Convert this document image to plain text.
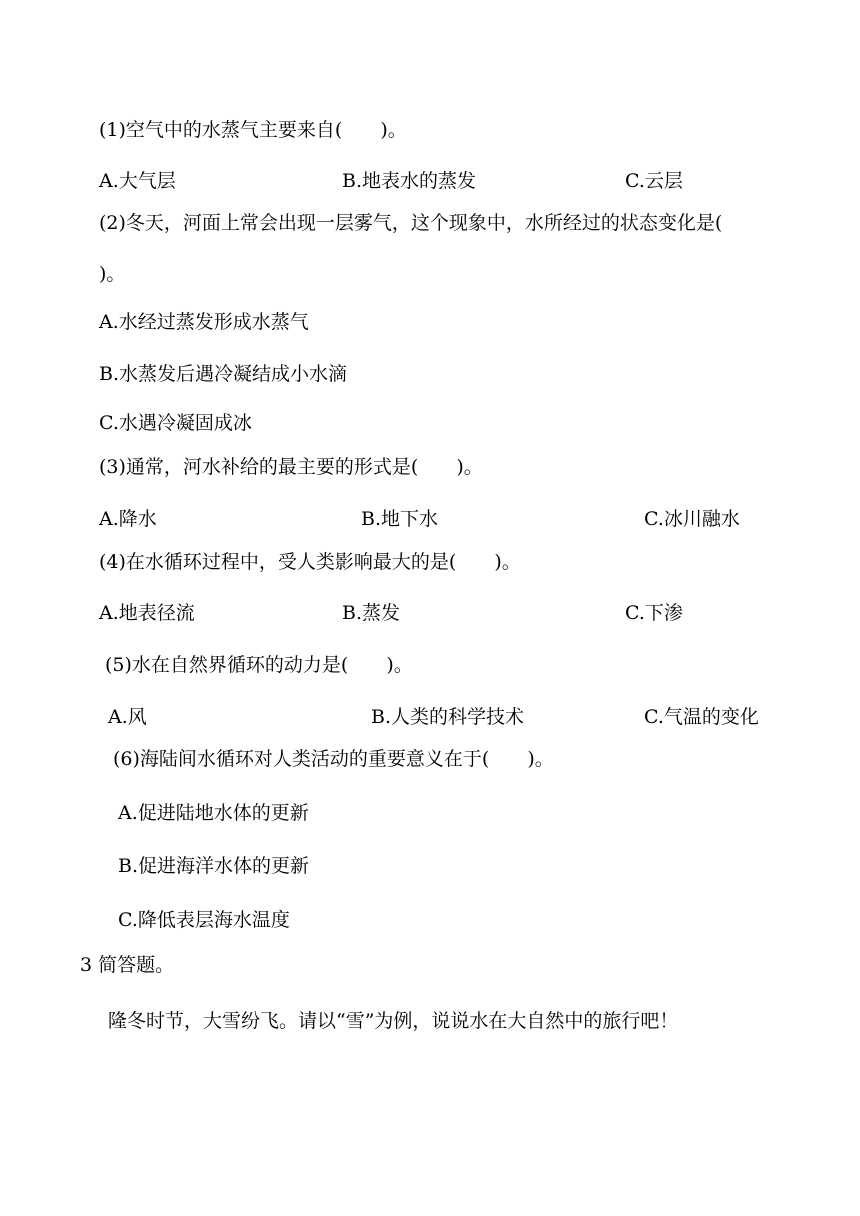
(1)空气中的水蒸气主要来自(　　)。
A.大气层	B.地表水的蒸发	C.云层
(2)冬天，河面上常会出现一层雾气，这个现象中，水所经过的状态变化是(
)。
A.水经过蒸发形成水蒸气
B.水蒸发后遇冷凝结成小水滴
C.水遇冷凝固成冰
(3)通常，河水补给的最主要的形式是(　　)。
A.降水	B.地下水	C.冰川融水
(4)在水循环过程中，受人类影响最大的是(　　)。
A.地表径流	B.蒸发	C.下渗
(5)水在自然界循环的动力是(　　)。
A.风	B.人类的科学技术	C.气温的变化
(6)海陆间水循环对人类活动的重要意义在于(　　)。
A.促进陆地水体的更新
B.促进海洋水体的更新
C.降低表层海水温度
3 简答题。
隆冬时节，大雪纷飞。请以“雪”为例，说说水在大自然中的旅行吧！
